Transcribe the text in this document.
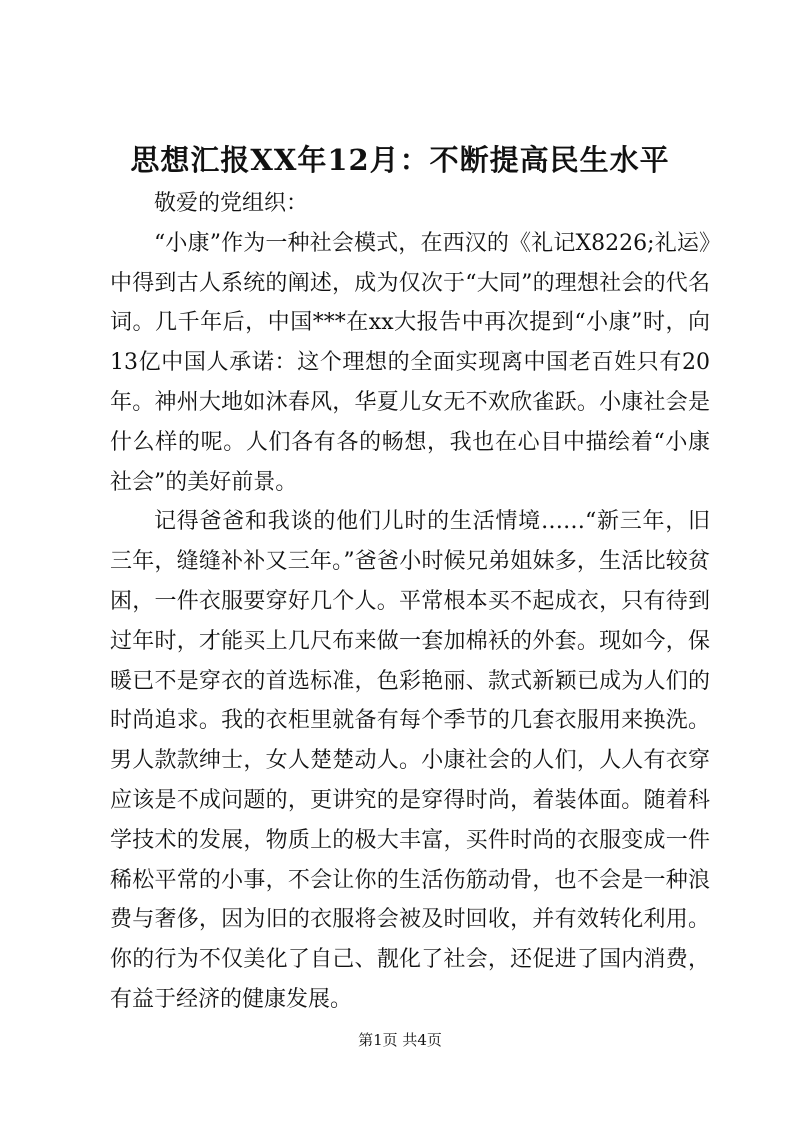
思想汇报XX年12月：不断提高民生水平

敬爱的党组织：

“小康”作为一种社会模式，在西汉的《礼记X8226;礼运》中得到古人系统的阐述，成为仅次于“大同”的理想社会的代名词。几千年后，中国***在xx大报告中再次提到“小康”时，向13亿中国人承诺：这个理想的全面实现离中国老百姓只有20年。神州大地如沐春风，华夏儿女无不欢欣雀跃。小康社会是什么样的呢。人们各有各的畅想，我也在心目中描绘着“小康社会”的美好前景。

记得爸爸和我谈的他们儿时的生活情境……“新三年，旧三年，缝缝补补又三年。”爸爸小时候兄弟姐妹多，生活比较贫困，一件衣服要穿好几个人。平常根本买不起成衣，只有待到过年时，才能买上几尺布来做一套加棉袄的外套。现如今，保暖已不是穿衣的首选标准，色彩艳丽、款式新颖已成为人们的时尚追求。我的衣柜里就备有每个季节的几套衣服用来换洗。男人款款绅士，女人楚楚动人。小康社会的人们，人人有衣穿应该是不成问题的，更讲究的是穿得时尚，着装体面。随着科学技术的发展，物质上的极大丰富，买件时尚的衣服变成一件稀松平常的小事，不会让你的生活伤筋动骨，也不会是一种浪费与奢侈，因为旧的衣服将会被及时回收，并有效转化利用。你的行为不仅美化了自己、靓化了社会，还促进了国内消费，有益于经济的健康发展。

第1页 共4页
